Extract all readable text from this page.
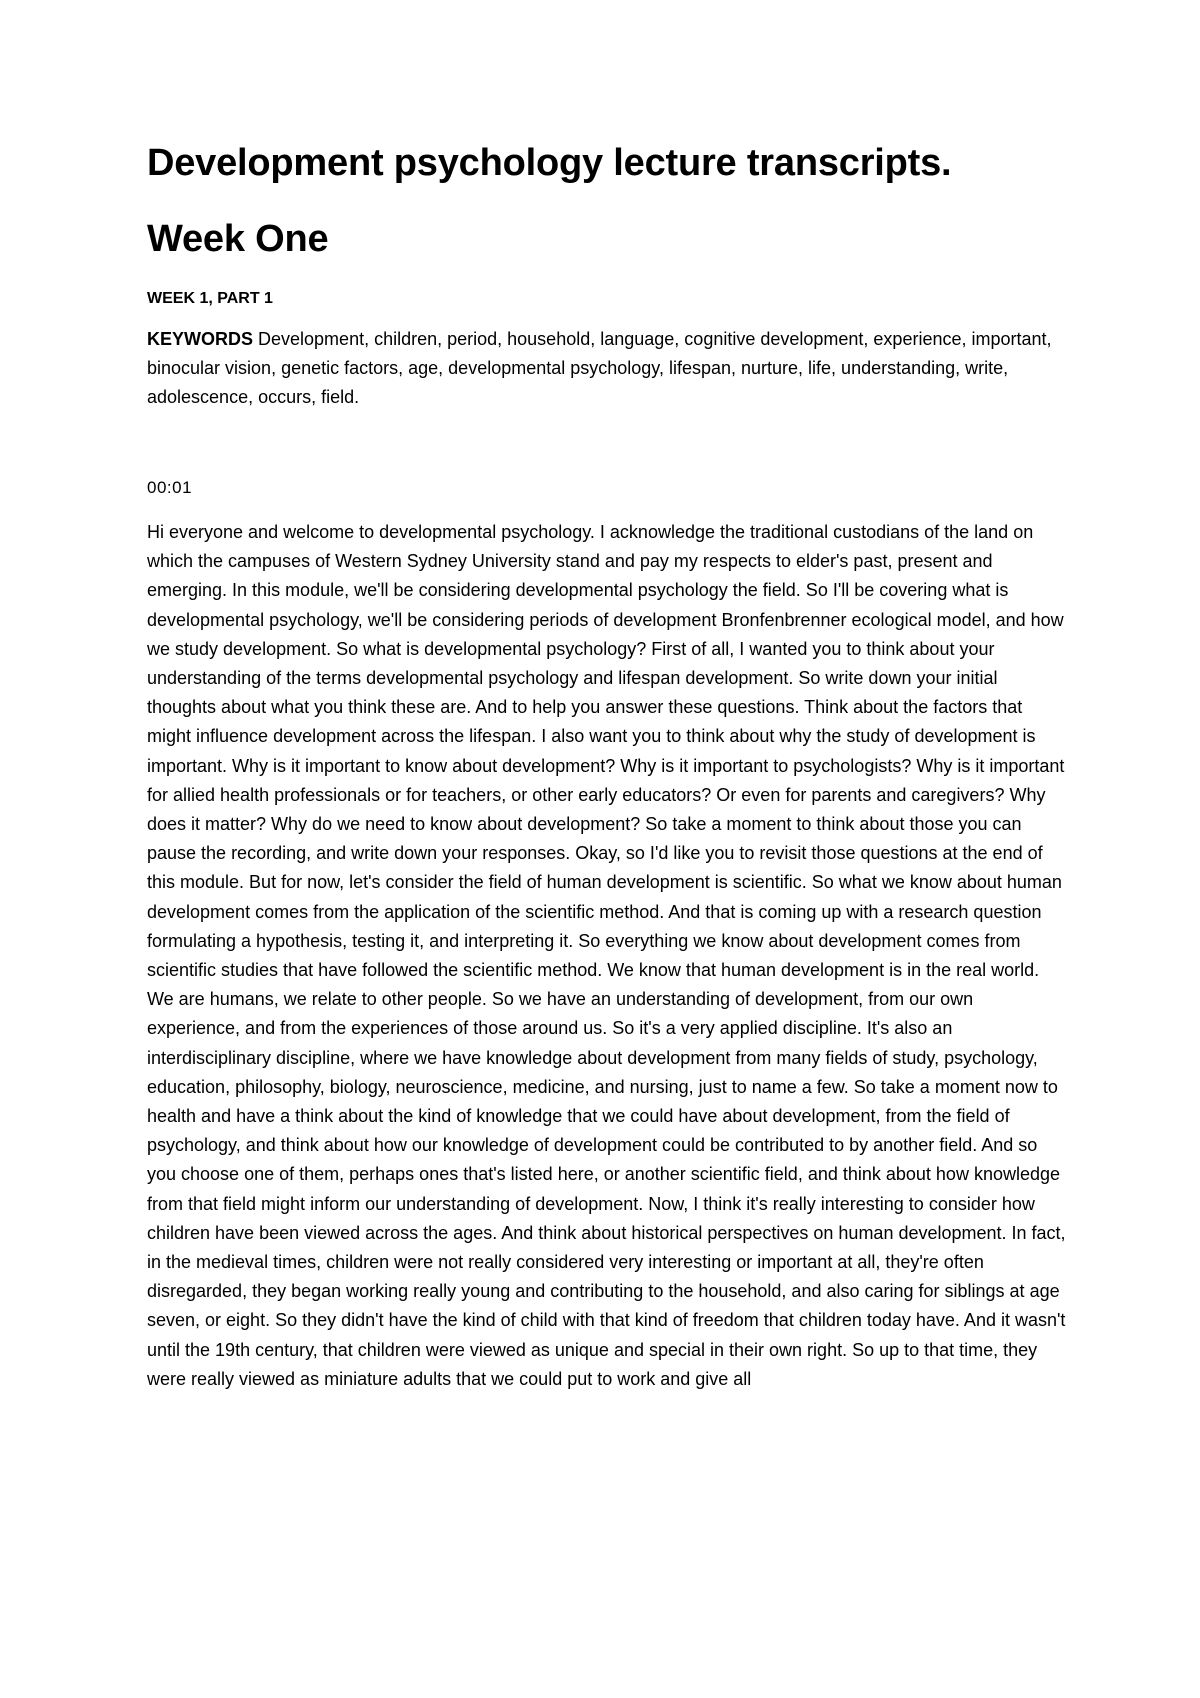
Development psychology lecture transcripts.
Week One

WEEK 1, PART 1

KEYWORDS Development, children, period, household, language, cognitive development, experience, important, binocular vision, genetic factors, age, developmental psychology, lifespan, nurture, life, understanding, write, adolescence, occurs, field.

00:01

Hi everyone and welcome to developmental psychology. I acknowledge the traditional custodians of the land on which the campuses of Western Sydney University stand and pay my respects to elder's past, present and emerging. In this module, we'll be considering developmental psychology the field. So I'll be covering what is developmental psychology, we'll be considering periods of development Bronfenbrenner ecological model, and how we study development. So what is developmental psychology? First of all, I wanted you to think about your understanding of the terms developmental psychology and lifespan development. So write down your initial thoughts about what you think these are. And to help you answer these questions. Think about the factors that might influence development across the lifespan. I also want you to think about why the study of development is important. Why is it important to know about development? Why is it important to psychologists? Why is it important for allied health professionals or for teachers, or other early educators? Or even for parents and caregivers? Why does it matter? Why do we need to know about development? So take a moment to think about those you can pause the recording, and write down your responses. Okay, so I'd like you to revisit those questions at the end of this module. But for now, let's consider the field of human development is scientific. So what we know about human development comes from the application of the scientific method. And that is coming up with a research question formulating a hypothesis, testing it, and interpreting it. So everything we know about development comes from scientific studies that have followed the scientific method. We know that human development is in the real world. We are humans, we relate to other people. So we have an understanding of development, from our own experience, and from the experiences of those around us. So it's a very applied discipline. It's also an interdisciplinary discipline, where we have knowledge about development from many fields of study, psychology, education, philosophy, biology, neuroscience, medicine, and nursing, just to name a few. So take a moment now to health and have a think about the kind of knowledge that we could have about development, from the field of psychology, and think about how our knowledge of development could be contributed to by another field. And so you choose one of them, perhaps ones that's listed here, or another scientific field, and think about how knowledge from that field might inform our understanding of development. Now, I think it's really interesting to consider how children have been viewed across the ages. And think about historical perspectives on human development. In fact, in the medieval times, children were not really considered very interesting or important at all, they're often disregarded, they began working really young and contributing to the household, and also caring for siblings at age seven, or eight. So they didn't have the kind of child with that kind of freedom that children today have. And it wasn't until the 19th century, that children were viewed as unique and special in their own right. So up to that time, they were really viewed as miniature adults that we could put to work and give all
